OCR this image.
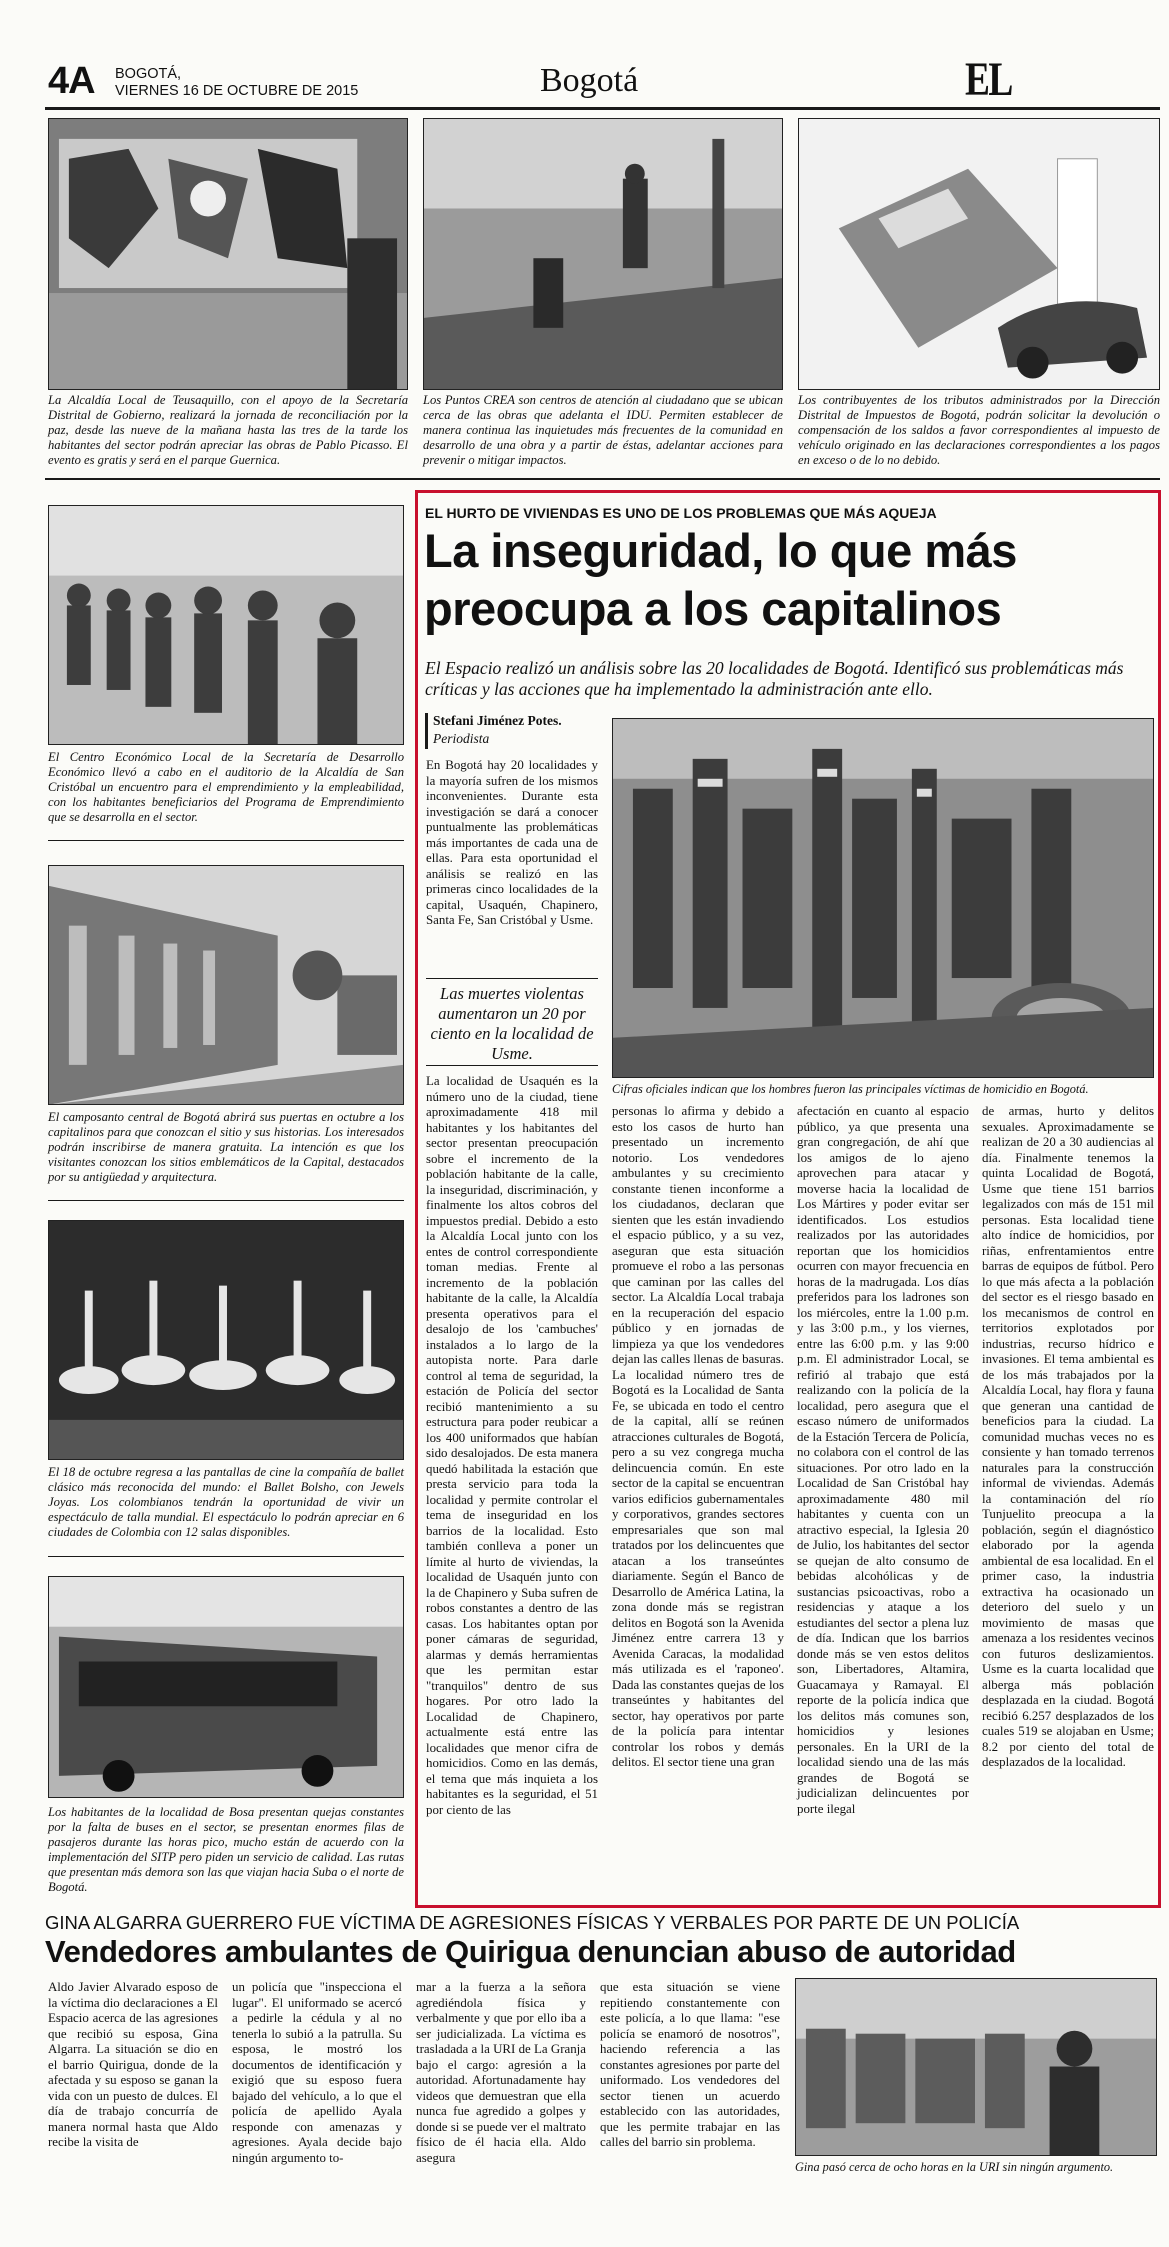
4A BOGOTÁ,
VIERNES 16 DE OCTUBRE DE 2015	Bogotá	EL
La Alcaldía Local de Teusaquillo, con el apoyo de la Secretaría Distrital de Gobierno, realizará la jornada de reconciliación por la paz, desde las nueve de la mañana hasta las tres de la tarde los habitantes del sector podrán apreciar las obras de Pablo Picasso. El evento es gratis y será en el parque Guernica.
Los Puntos CREA son centros de atención al ciudadano que se ubican cerca de las obras que adelanta el IDU. Permiten establecer de manera continua las inquietudes más frecuentes de la comunidad en desarrollo de una obra y a partir de éstas, adelantar acciones para prevenir o mitigar impactos.
Los contribuyentes de los tributos administrados por la Dirección Distrital de Impuestos de Bogotá, podrán solicitar la devolución o compensación de los saldos a favor correspondientes al impuesto de vehículo originado en las declaraciones correspondientes a los pagos en exceso o de lo no debido.
El Centro Económico Local de la Secretaría de Desarrollo Económico llevó a cabo en el auditorio de la Alcaldía de San Cristóbal un encuentro para el emprendimiento y la empleabilidad, con los habitantes beneficiarios del Programa de Emprendimiento que se desarrolla en el sector.
El camposanto central de Bogotá abrirá sus puertas en octubre a los capitalinos para que conozcan el sitio y sus historias. Los interesados podrán inscribirse de manera gratuita. La intención es que los visitantes conozcan los sitios emblemáticos de la Capital, destacados por su antigüedad y arquitectura.
El 18 de octubre regresa a las pantallas de cine la compañía de ballet clásico más reconocida del mundo: el Ballet Bolsho, con Jewels Joyas. Los colombianos tendrán la oportunidad de vivir un espectáculo de talla mundial. El espectáculo lo podrán apreciar en 6 ciudades de Colombia con 12 salas disponibles.
Los habitantes de la localidad de Bosa presentan quejas constantes por la falta de buses en el sector, se presentan enormes filas de pasajeros durante las horas pico, mucho están de acuerdo con la implementación del SITP pero piden un servicio de calidad. Las rutas que presentan más demora son las que viajan hacia Suba o el norte de Bogotá.
EL HURTO DE VIVIENDAS ES UNO DE LOS PROBLEMAS QUE MÁS AQUEJA
La inseguridad, lo que más
preocupa a los capitalinos
El Espacio realizó un análisis sobre las 20 localidades de Bogotá. Identificó sus problemáticas más críticas y las acciones que ha implementado la administración ante ello.
Stefani Jiménez Potes.
Periodista
En Bogotá hay 20 localidades y la mayoría sufren de los mismos inconvenientes. Durante esta investigación se dará a conocer puntualmente las problemáticas más importantes de cada una de ellas. Para esta oportunidad el análisis se realizó en las primeras cinco localidades de la capital, Usaquén, Chapinero, Santa Fe, San Cristóbal y Usme.
Las muertes violentas aumentaron un 20 por ciento en la localidad de Usme.
Cifras oficiales indican que los hombres fueron las principales víctimas de homicidio en Bogotá.
La localidad de Usaquén es la número uno de la ciudad, tiene aproximadamente 418 mil habitantes y los habitantes del sector presentan preocupación sobre el incremento de la población habitante de la calle, la inseguridad, discriminación, y finalmente los altos cobros del impuestos predial. Debido a esto la Alcaldía Local junto con los entes de control correspondiente toman medias. Frente al incremento de la población habitante de la calle, la Alcaldía presenta operativos para el desalojo de los 'cambuches' instalados a lo largo de la autopista norte. Para darle control al tema de seguridad, la estación de Policía del sector recibió mantenimiento a su estructura para poder reubicar a los 400 uniformados que habían sido desalojados. De esta manera quedó habilitada la estación que presta servicio para toda la localidad y permite controlar el tema de inseguridad en los barrios de la localidad. Esto también conlleva a poner un límite al hurto de viviendas, la localidad de Usaquén junto con la de Chapinero y Suba sufren de robos constantes a dentro de las casas. Los habitantes optan por poner cámaras de seguridad, alarmas y demás herramientas que les permitan estar "tranquilos" dentro de sus hogares. Por otro lado la Localidad de Chapinero, actualmente está entre las localidades que menor cifra de homicidios. Como en las demás, el tema que más inquieta a los habitantes es la seguridad, el 51 por ciento de las
personas lo afirma y debido a esto los casos de hurto han presentado un incremento notorio. Los vendedores ambulantes y su crecimiento constante tienen inconforme a los ciudadanos, declaran que sienten que les están invadiendo el espacio público, y a su vez, aseguran que esta situación promueve el robo a las personas que caminan por las calles del sector. La Alcaldía Local trabaja en la recuperación del espacio público y en jornadas de limpieza ya que los vendedores dejan las calles llenas de basuras. La localidad número tres de Bogotá es la Localidad de Santa Fe, se ubicada en todo el centro de la capital, allí se reúnen atracciones culturales de Bogotá, pero a su vez congrega mucha delincuencia común. En este sector de la capital se encuentran varios edificios gubernamentales y corporativos, grandes sectores empresariales que son mal tratados por los delincuentes que atacan a los transeúntes diariamente. Según el Banco de Desarrollo de América Latina, la zona donde más se registran delitos en Bogotá son la Avenida Jiménez entre carrera 13 y Avenida Caracas, la modalidad más utilizada es el 'raponeo'. Dada las constantes quejas de los transeúntes y habitantes del sector, hay operativos por parte de la policía para intentar controlar los robos y demás delitos. El sector tiene una gran
afectación en cuanto al espacio público, ya que presenta una gran congregación, de ahí que los amigos de lo ajeno aprovechen para atacar y moverse hacia la localidad de Los Mártires y poder evitar ser identificados. Los estudios realizados por las autoridades reportan que los homicidios ocurren con mayor frecuencia en horas de la madrugada. Los días preferidos para los ladrones son los miércoles, entre la 1.00 p.m. y las 3:00 p.m., y los viernes, entre las 6:00 p.m. y las 9:00 p.m. El administrador Local, se refirió al trabajo que está realizando con la policía de la localidad, pero asegura que el escaso número de uniformados de la Estación Tercera de Policía, no colabora con el control de las situaciones. Por otro lado en la Localidad de San Cristóbal hay aproximadamente 480 mil habitantes y cuenta con un atractivo especial, la Iglesia 20 de Julio, los habitantes del sector se quejan de alto consumo de bebidas alcohólicas y de sustancias psicoactivas, robo a residencias y ataque a los estudiantes del sector a plena luz de día. Indican que los barrios donde más se ven estos delitos son, Libertadores, Altamira, Guacamaya y Ramayal. El reporte de la policía indica que los delitos más comunes son, homicidios y lesiones personales. En la URI de la localidad siendo una de las más grandes de Bogotá se judicializan delincuentes por porte ilegal
de armas, hurto y delitos sexuales. Aproximadamente se realizan de 20 a 30 audiencias al día. Finalmente tenemos la quinta Localidad de Bogotá, Usme que tiene 151 barrios legalizados con más de 151 mil personas. Esta localidad tiene alto índice de homicidios, por riñas, enfrentamientos entre barras de equipos de fútbol. Pero lo que más afecta a la población del sector es el riesgo basado en los mecanismos de control en territorios explotados por industrias, recurso hídrico e invasiones. El tema ambiental es de los más trabajados por la Alcaldía Local, hay flora y fauna que generan una cantidad de beneficios para la ciudad. La comunidad muchas veces no es consiente y han tomado terrenos naturales para la construcción informal de viviendas. Además la contaminación del río Tunjuelito preocupa a la población, según el diagnóstico elaborado por la agenda ambiental de esa localidad. En el primer caso, la industria extractiva ha ocasionado un deterioro del suelo y un movimiento de masas que amenaza a los residentes vecinos con futuros deslizamientos. Usme es la cuarta localidad que alberga más población desplazada en la ciudad. Bogotá recibió 6.257 desplazados de los cuales 519 se alojaban en Usme; 8.2 por ciento del total de desplazados de la localidad.
GINA ALGARRA GUERRERO FUE VÍCTIMA DE AGRESIONES FÍSICAS Y VERBALES POR PARTE DE UN POLICÍA
Vendedores ambulantes de Quirigua denuncian abuso de autoridad
Aldo Javier Alvarado esposo de la víctima dio declaraciones a El Espacio acerca de las agresiones que recibió su esposa, Gina Algarra. La situación se dio en el barrio Quirigua, donde de la afectada y su esposo se ganan la vida con un puesto de dulces. El día de trabajo concurría de manera normal hasta que Aldo recibe la visita de
un policía que "inspecciona el lugar". El uniformado se acercó a pedirle la cédula y al no tenerla lo subió a la patrulla. Su esposa, le mostró los documentos de identificación y exigió que su esposo fuera bajado del vehículo, a lo que el policía de apellido Ayala responde con amenazas y agresiones. Ayala decide bajo ningún argumento to-
mar a la fuerza a la señora agrediéndola física y verbalmente y que por ello iba a ser judicializada. La víctima es trasladada a la URI de La Granja bajo el cargo: agresión a la autoridad. Afortunadamente hay videos que demuestran que ella nunca fue agredido a golpes y donde si se puede ver el maltrato físico de él hacia ella. Aldo asegura
que esta situación se viene repitiendo constantemente con este policía, a lo que llama: "ese policía se enamoró de nosotros", haciendo referencia a las constantes agresiones por parte del uniformado. Los vendedores del sector tienen un acuerdo establecido con las autoridades, que les permite trabajar en las calles del barrio sin problema.
Gina pasó cerca de ocho horas en la URI sin ningún argumento.
